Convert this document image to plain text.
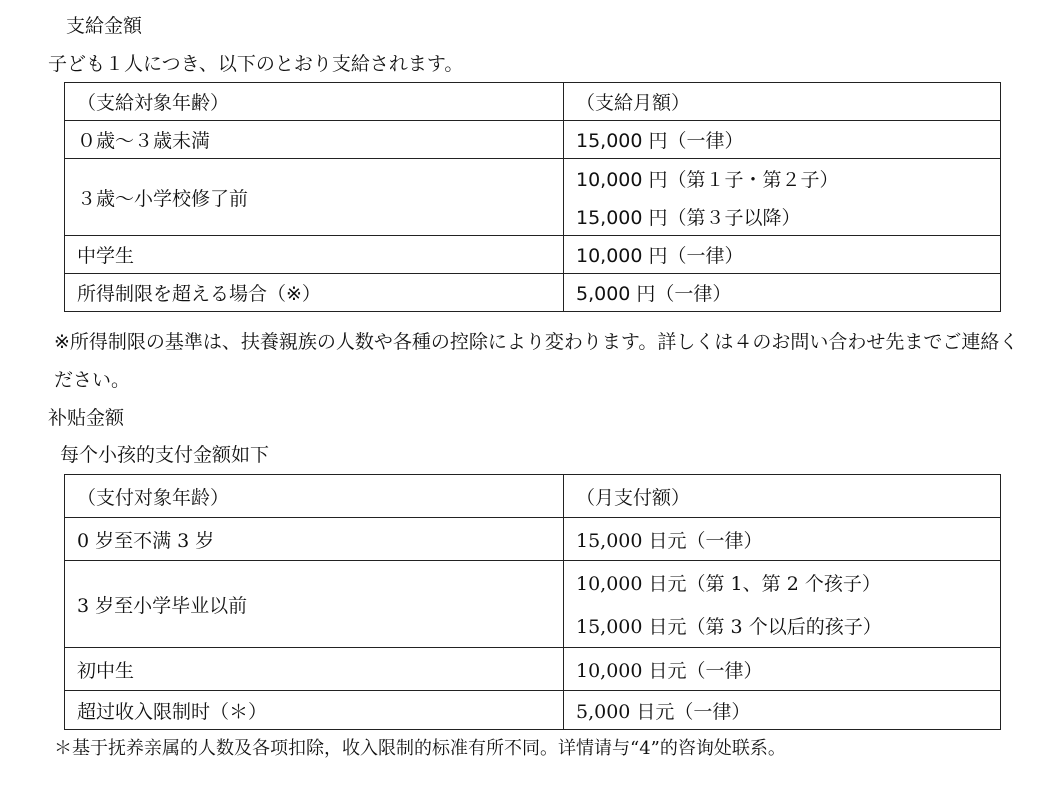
支給金額
子ども１人につき、以下のとおり支給されます。
（支給対象年齢）	（支給月額）
０歳～３歳未満	15,000 円（一律）
３歳～小学校修了前	10,000 円（第１子・第２子）
15,000 円（第３子以降）

中学生	10,000 円（一律）
所得制限を超える場合（※）	5,000 円（一律）
※所得制限の基準は、扶養親族の人数や各種の控除により変わります。詳しくは４のお問い合わせ先までご連絡ください。
补贴金额
每个小孩的支付金额如下
（支付对象年龄）	（月支付额）
0 岁至不满 3 岁	15,000 日元（一律）
3 岁至小学毕业以前	10,000 日元（第 1、第 2 个孩子）
15,000 日元（第 3 个以后的孩子）

初中生	10,000 日元（一律）
超过收入限制时（＊）	5,000 日元（一律）
＊基于抚养亲属的人数及各项扣除，收入限制的标准有所不同。详情请与“4”的咨询处联系。
